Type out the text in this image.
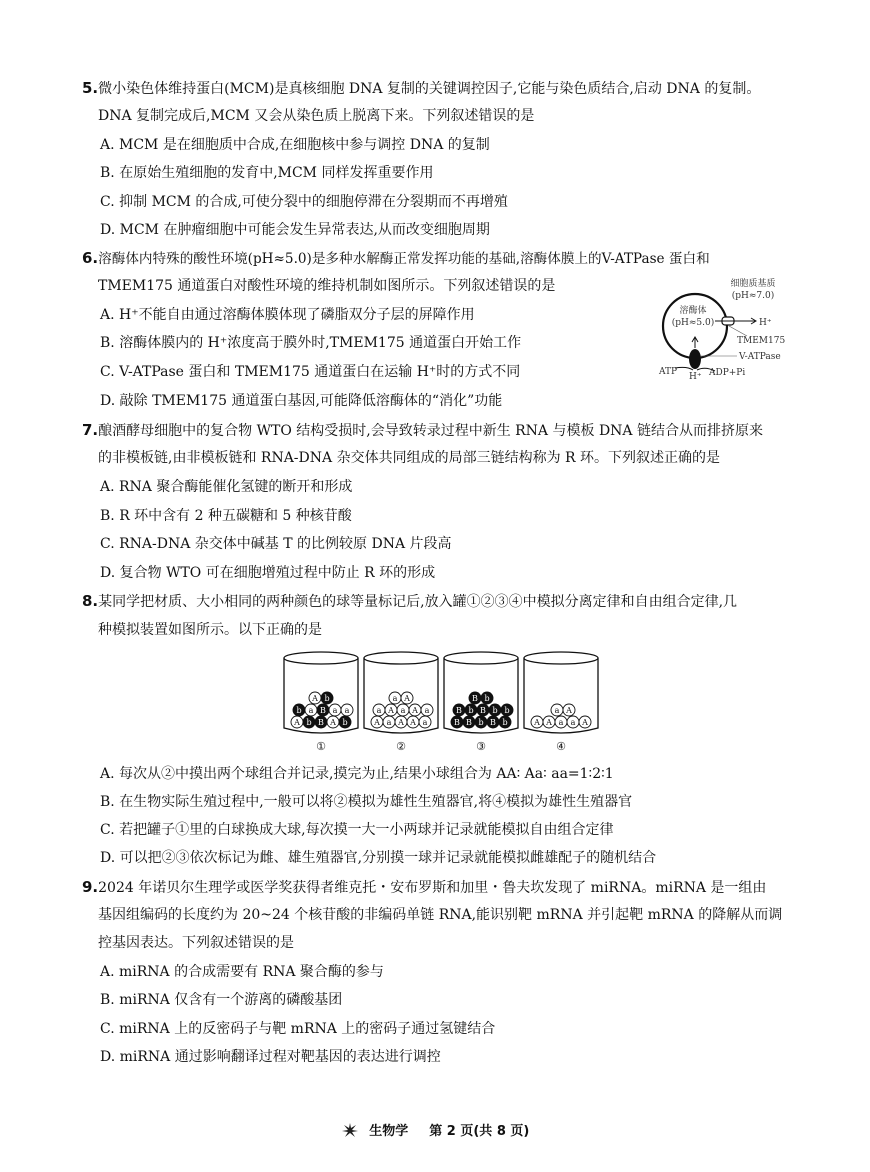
5.微小染色体维持蛋白(MCM)是真核细胞 DNA 复制的关键调控因子,它能与染色质结合,启动 DNA 的复制。
DNA 复制完成后,MCM 又会从染色质上脱离下来。下列叙述错误的是
A. MCM 是在细胞质中合成,在细胞核中参与调控 DNA 的复制
B. 在原始生殖细胞的发育中,MCM 同样发挥重要作用
C. 抑制 MCM 的合成,可使分裂中的细胞停滞在分裂期而不再增殖
D. MCM 在肿瘤细胞中可能会发生异常表达,从而改变细胞周期
6.溶酶体内特殊的酸性环境(pH≈5.0)是多种水解酶正常发挥功能的基础,溶酶体膜上的V-ATPase 蛋白和
TMEM175 通道蛋白对酸性环境的维持机制如图所示。下列叙述错误的是
A. H⁺不能自由通过溶酶体膜体现了磷脂双分子层的屏障作用
B. 溶酶体膜内的 H⁺浓度高于膜外时,TMEM175 通道蛋白开始工作
C. V-ATPase 蛋白和 TMEM175 通道蛋白在运输 H⁺时的方式不同
D. 敲除 TMEM175 通道蛋白基因,可能降低溶酶体的“消化”功能
细胞质基质
(pH≈7.0)
溶酶体
(pH≈5.0)	H⁺
TMEM175
V-ATPase
ATP H⁺ ADP+Pi
7.酿酒酵母细胞中的复合物 WTO 结构受损时,会导致转录过程中新生 RNA 与模板 DNA 链结合从而排挤原来
的非模板链,由非模板链和 RNA-DNA 杂交体共同组成的局部三链结构称为 R 环。下列叙述正确的是
A. RNA 聚合酶能催化氢键的断开和形成
B. R 环中含有 2 种五碳糖和 5 种核苷酸
C. RNA-DNA 杂交体中碱基 T 的比例较原 DNA 片段高
D. 复合物 WTO 可在细胞增殖过程中防止 R 环的形成
8.某同学把材质、大小相同的两种颜色的球等量标记后,放入罐①②③④中模拟分离定律和自由组合定律,几
种模拟装置如图所示。以下正确的是
A b B A b
b a B a a
A b
①
A a A A a
a A a A a
a A
②
B B b B b
B b B b b
B b
③
A A a a A
a A
④
A. 每次从②中摸出两个球组合并记录,摸完为止,结果小球组合为 AA∶ Aa∶ aa=1∶2∶1
B. 在生物实际生殖过程中,一般可以将②模拟为雄性生殖器官,将④模拟为雄性生殖器官
C. 若把罐子①里的白球换成大球,每次摸一大一小两球并记录就能模拟自由组合定律
D. 可以把②③依次标记为雌、雄生殖器官,分别摸一球并记录就能模拟雌雄配子的随机结合
9.2024 年诺贝尔生理学或医学奖获得者维克托・安布罗斯和加里・鲁夫坎发现了 miRNA。miRNA 是一组由
基因组编码的长度约为 20~24 个核苷酸的非编码单链 RNA,能识别靶 mRNA 并引起靶 mRNA 的降解从而调
控基因表达。下列叙述错误的是
A. miRNA 的合成需要有 RNA 聚合酶的参与
B. miRNA 仅含有一个游离的磷酸基团
C. miRNA 上的反密码子与靶 mRNA 上的密码子通过氢键结合
D. miRNA 通过影响翻译过程对靶基因的表达进行调控
生物学 第 2 页(共 8 页)
